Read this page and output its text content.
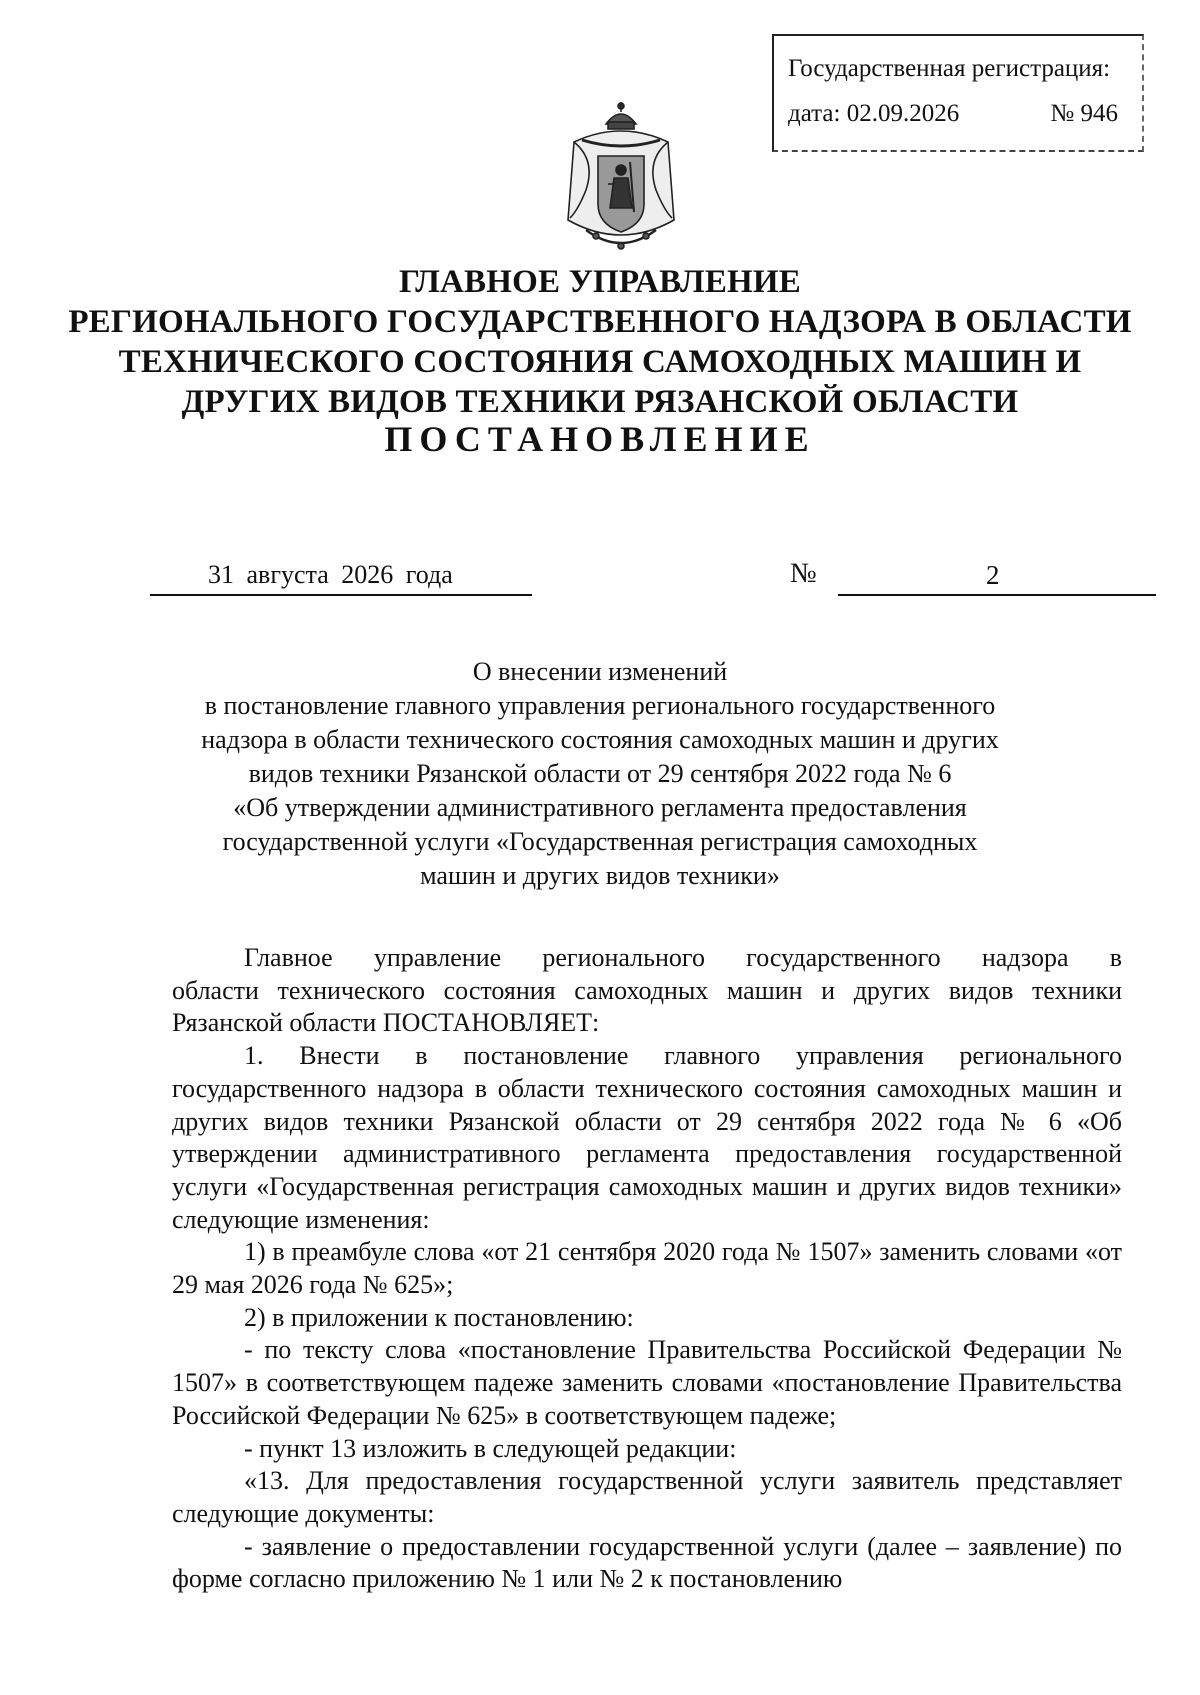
Государственная регистрация:
дата: 02.09.2026	№ 946
ГЛАВНОЕ УПРАВЛЕНИЕ
РЕГИОНАЛЬНОГО ГОСУДАРСТВЕННОГО НАДЗОРА В ОБЛАСТИ
ТЕХНИЧЕСКОГО СОСТОЯНИЯ САМОХОДНЫХ МАШИН И
ДРУГИХ ВИДОВ ТЕХНИКИ РЯЗАНСКОЙ ОБЛАСТИ
ПОСТАНОВЛЕНИЕ
31 августа 2026 года	№	2
О внесении изменений
в постановление главного управления регионального государственного
надзора в области технического состояния самоходных машин и других
видов техники Рязанской области от 29 сентября 2022 года № 6
«Об утверждении административного регламента предоставления
государственной услуги «Государственная регистрация самоходных
машин и других видов техники»
Главное управление регионального государственного надзора в
области технического состояния самоходных машин и других видов техники Рязанской области ПОСТАНОВЛЯЕТ:
1. Внести в постановление главного управления регионального государственного надзора в области технического состояния самоходных машин и других видов техники Рязанской области от 29 сентября 2022 года № 6 «Об утверждении административного регламента предоставления государственной услуги «Государственная регистрация самоходных машин и других видов техники» следующие изменения:
1) в преамбуле слова «от 21 сентября 2020 года № 1507» заменить словами «от 29 мая 2026 года № 625»;
2) в приложении к постановлению:
- по тексту слова «постановление Правительства Российской Федерации № 1507» в соответствующем падеже заменить словами «постановление Правительства Российской Федерации № 625» в соответствующем падеже;
- пункт 13 изложить в следующей редакции:
«13. Для предоставления государственной услуги заявитель представляет следующие документы:
- заявление о предоставлении государственной услуги (далее – заявление) по форме согласно приложению № 1 или № 2 к постановлению
